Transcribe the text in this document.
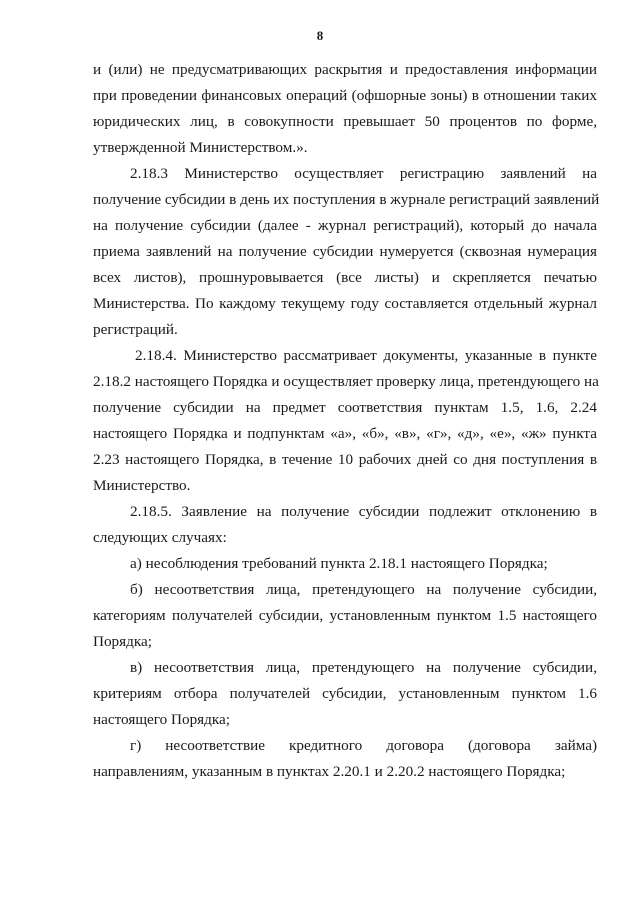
8
и (или) не предусматривающих раскрытия и предоставления информации
при проведении финансовых операций (офшорные зоны) в отношении таких
юридических лиц, в совокупности превышает 50 процентов по форме,
утвержденной Министерством.».
2.18.3 Министерство осуществляет регистрацию заявлений на
получение субсидии в день их поступления в журнале регистраций заявлений
на получение субсидии (далее - журнал регистраций), который до начала
приема заявлений на получение субсидии нумеруется (сквозная нумерация
всех листов), прошнуровывается (все листы) и скрепляется печатью
Министерства. По каждому текущему году составляется отдельный журнал
регистраций.
2.18.4. Министерство рассматривает документы, указанные в пункте
2.18.2 настоящего Порядка и осуществляет проверку лица, претендующего на
получение субсидии на предмет соответствия пунктам 1.5, 1.6, 2.24
настоящего Порядка и подпунктам «а», «б», «в», «г», «д», «е», «ж» пункта
2.23 настоящего Порядка, в течение 10 рабочих дней со дня поступления в
Министерство.
2.18.5. Заявление на получение субсидии подлежит отклонению в
следующих случаях:
а) несоблюдения требований пункта 2.18.1 настоящего Порядка;
б) несоответствия лица, претендующего на получение субсидии,
категориям получателей субсидии, установленным пунктом 1.5 настоящего
Порядка;
в) несоответствия лица, претендующего на получение субсидии,
критериям отбора получателей субсидии, установленным пунктом 1.6
настоящего Порядка;
г) несоответствие кредитного договора (договора займа)
направлениям, указанным в пунктах 2.20.1 и 2.20.2 настоящего Порядка;
